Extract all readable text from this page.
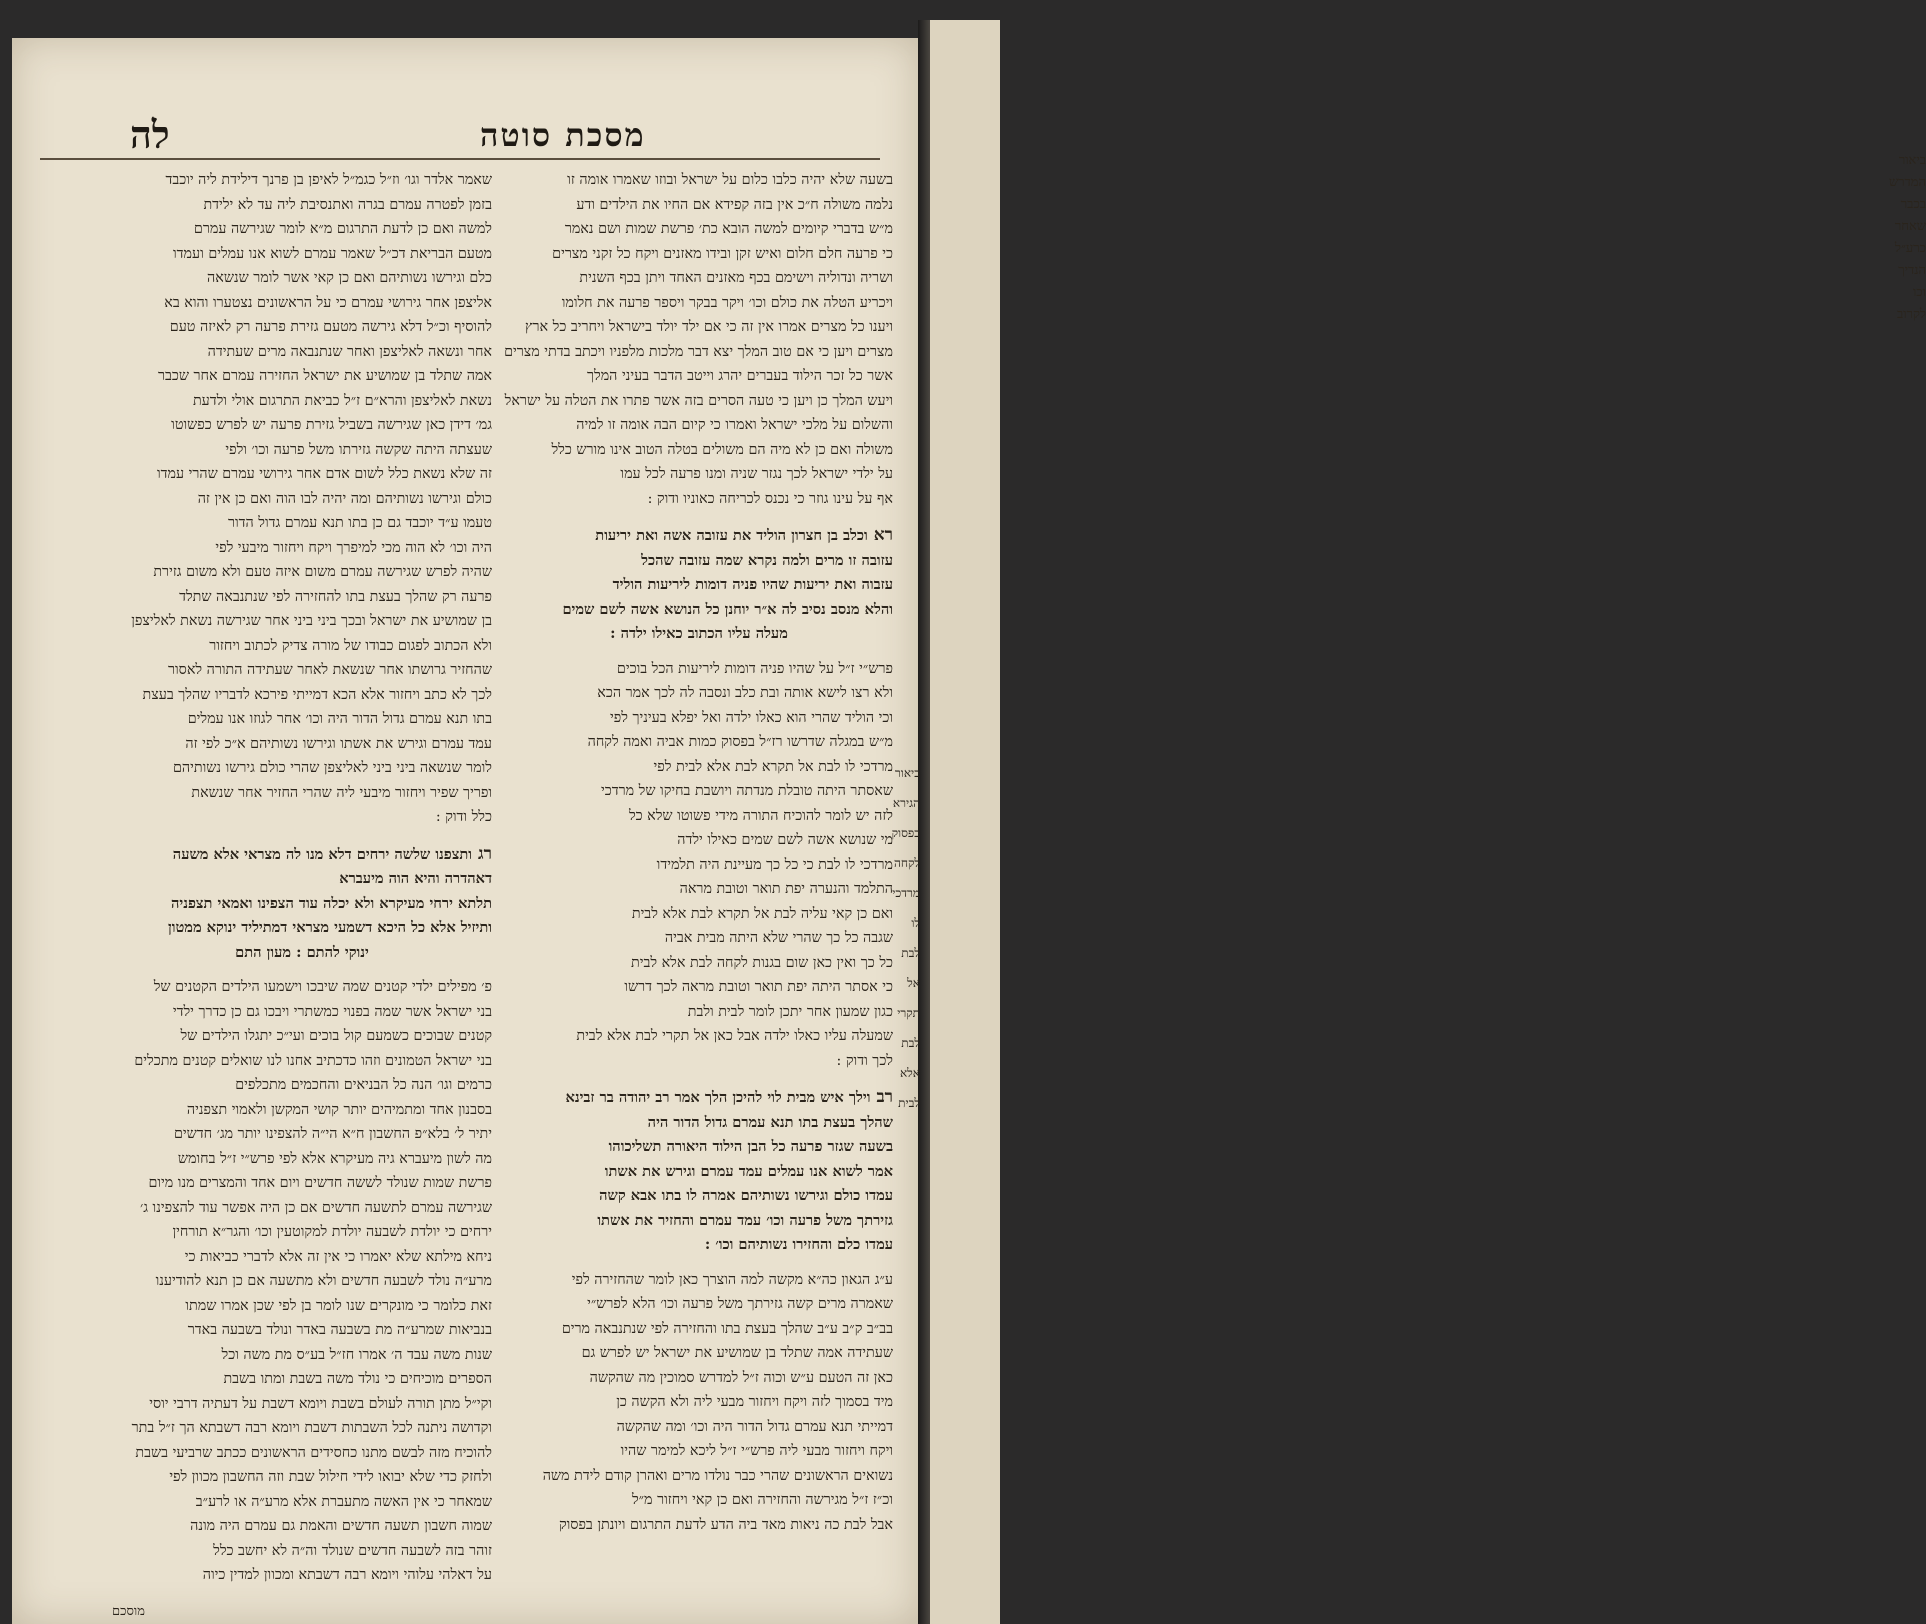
ביאור
המדרש
בכבר
שאחר
כרע״ל
הנדיך
וכו
לקרוב
לה	מסכת סוטה
בשעה שלא יהיה כלבו כלום על ישראל ובוזו שאמרו אומה זו
נלמה משולה ח״כ אין בזה קפידא אם החיו את הילדים ודע
מ״ש בדברי קיומים למשה הובא כת׳ פרשת שמות ושם נאמר
כי פרעה חלם חלום ואיש זקן ובידו מאזנים ויקח כל זקני מצרים
ושריה ונדוליה וישימם בכף מאזנים האחד ויתן בכף השנית
ויכריע הטלה את כולם וכו׳ ויקר בבקר ויספר פרעה את חלומו
ויענו כל מצרים אמרו אין זה כי אם ילד יולד בישראל ויחריב כל ארץ
מצרים ויען כי אם טוב המלך יצא דבר מלכות מלפניו ויכתב בדתי מצרים
אשר כל זכר הילוד בעברים יהרג וייטב הדבר בעיני המלך
ויעש המלך כן ויען כי טעה הסרים בזה אשר פתרו את הטלה על ישראל
והשלום על מלכי ישראל ואמרו כי קיום הבה אומה זו למיה
משולה ואם כן לא מיה הם משולים בטלה הטוב אינו מורש כלל
על ילדי ישראל לכך נגזר שניה ומנו פרעה לכל עמו
אף על עינו גוזר כי נכנס לכריחה כאוניו ודוק :
ראוכלב בן חצרון הוליד את עזובה אשה ואת יריעות
עזובה זו מרים ולמה נקרא שמה עזובה שהכל
עזבוה ואת יריעות שהיו פניה דומות ליריעות הוליד
והלא מנסב נסיב לה א״ר יוחנן כל הנושא אשה לשם שמים
מעלה עליו הכתוב כאילו ילדה :
פרש״י ז״ל על שהיו פניה דומות ליריעות הכל בוכים
ולא רצו לישא אותה ובת כלב ונסבה לה לכך אמר הכא
וכי הוליד שהרי הוא כאלו ילדה ואל יפלא בעיניך לפי
מ״ש במגלה שדרשו רז״ל בפסוק כמות אביה ואמה לקחה
מרדכי לו לבת אל תקרא לבת אלא לבית לפי
שאסתר היתה טובלת מנדתה ויושבת בחיקו של מרדכי
לזה יש לומר להוכיח התורה מידי פשוטו שלא כל
מי שנושא אשה לשם שמים כאילו ילדה
מרדכי לו לבת כי כל כך מעיינת היה תלמידו
התלמד והנערה יפת תואר וטובת מראה
ואם כן קאי עליה לבת אל תקרא לבת אלא לבית
שגבה כל כך שהרי שלא היתה מבית אביה
כל כך ואין כאן שום בגנות לקחה לבת אלא לבית
כי אסתר היתה יפת תואר וטובת מראה לכך דרשו
כגון שמעון אחר יתכן לומר לבית ולבת
שמעלה עליו כאלו ילדה אבל כאן אל תקרי לבת אלא לבית
לכך ודוק :
רבוילך איש מבית לוי להיכן הלך אמר רב יהודה בר זבינא
שהלך בעצת בתו תנא עמרם גדול הדור היה
בשעה שגזר פרעה כל הבן הילוד היאורה תשליכוהו
אמר לשוא אנו עמלים עמד עמרם וגירש את אשתו
עמדו כולם וגירשו נשותיהם אמרה לו בתו אבא קשה
גזירתך משל פרעה וכו׳ עמד עמרם והחזיר את אשתו
עמדו כלם והחזירו נשותיהם וכו׳ :
ע״ג הגאון כה״א מקשה למה הוצרך כאן לומר שהחזירה לפי
שאמרה מרים קשה גזירתך משל פרעה וכו׳ הלא לפרש״י
בב״ב ק״ב ע״ב שהלך בעצת בתו והחזירה לפי שנתנבאה מרים
שעתידה אמה שתלד בן שמושיע את ישראל יש לפרש גם
כאן זה הטעם ע״ש וכוה ז״ל למדרש סמוכין מה שהקשה
מיד בסמוך לזה ויקח ויחזור מבעי ליה ולא הקשה כן
דמייתי תנא עמרם גדול הדור היה וכו׳ ומה שהקשה
ויקח ויחזור מבעי ליה פרש״י ז״ל ליכא למימר שהיו
נשואים הראשונים שהרי כבר נולדו מרים ואהרן קודם לידת משה
וכ״ז ז״ל מגירשה והחזירה ואם כן קאי ויחזור מ״ל
אבל לבת כה ניאות מאד ביה הדע לדעת התרגום ויונתן בפסוק
שאמר אלדר וגו׳ וז״ל כגמ״ל לאיפן בן פרנך דילידת ליה יוכבד
בזמן לפטרה עמרם בגרה ואתנסיבת ליה עד לא ילידת
למשה ואם כן לדעת התרגום מ״א לומר שגירשה עמרם
מטעם הבריאת דכ״ל שאמר עמרם לשוא אנו עמלים ועמדו
כלם וגירשו נשותיהם ואם כן קאי אשר לומר שנשאה
אליצפן אחר גירושי עמרם כי על הראשונים נצטערו והוא בא
להוסיף וכ״ל דלא גירשה מטעם גזירת פרעה רק לאיזה טעם
אחר ונשאה לאליצפן ואחר שנתנבאה מרים שעתידה
אמה שתלד בן שמושיע את ישראל החזירה עמרם אחר שכבר
נשאת לאליצפן והרא״ם ז״ל כביאת התרגום אולי ולדעת
גמ׳ דידן כאן שגירשה בשביל גזירת פרעה יש לפרש כפשוטו
שעצתה היתה שקשה גזירתו משל פרעה וכו׳ ולפי
זה שלא נשאת כלל לשום אדם אחר גירושי עמרם שהרי עמדו
כולם וגירשו נשותיהם ומה יהיה לבו הוה ואם כן אין זה
טעמו ע״ד יוכבד גם כן בתו תנא עמרם גדול הדור
היה וכו׳ לא הוה מכי למיפרך ויקח ויחזור מיבעי לפי
שהיה לפרש שגירשה עמרם משום איזה טעם ולא משום גזירת
פרעה רק שהלך בעצת בתו להחזירה לפי שנתנבאה שתלד
בן שמושיע את ישראל ובכך ביני ביני אחר שגירשה נשאת לאליצפן
ולא הכתוב לפגום כבודו של מורה צדיק לכתוב ויחזור
שהחזיר גרושתו אחר שנשאת לאחר שעתידה התורה לאסור
לכך לא כתב ויחזור אלא הכא דמייתי פירכא לדבריו שהלך בעצת
בתו תנא עמרם גדול הדור היה וכו׳ אחר לגוזו אנו עמלים
עמד עמרם וגירש את אשתו וגירשו נשותיהם א״כ לפי זה
לומר שנשאה ביני ביני לאליצפן שהרי כולם גירשו נשותיהם
ופריך שפיר ויחזור מיבעי ליה שהרי החזיר אחר שנשאת
כלל ודוק :
רגותצפנו שלשה ירחים דלא מנו לה מצראי אלא משעה
דאהדרה והיא הוה מיעברא
תלתא ירחי מעיקרא ולא יכלה עוד הצפינו ואמאי תצפניה
ותיזיל אלא כל היכא דשמעי מצראי דמתיליד ינוקא ממטון
ינוקי להתם : מעון התם
פ׳ מפילים ילדי קטנים שמה שיבכו וישמעו הילדים הקטנים של
בני ישראל אשר שמה בפנוי כמשתרי ויבכו גם כן כדרך ילדי
קטנים שבוכים כשמעם קול בוכים ועי״כ יתגלו הילדים של
בני ישראל הטמונים וזהו כדכתיב אחנו לנו שואלים קטנים מתכלים
כרמים וגו׳ הנה כל הבניאים והחכמים מתכלפים
בסבנון אחד ומתמיהים יותר קושי המקשן ולאמוי תצפניה
יתיר ל׳ בלא״פ החשבון ח״א הי״ה להצפינו יותר מג׳ חדשים
מה לשון מיעברא גיה מעיקרא אלא לפי פרש״י ז״ל בחומש
פרשת שמות שנולד לששה חדשים ויום אחד והמצרים מנו מיום
שגירשה עמרם לתשעה חדשים אם כן היה אפשר עוד להצפינו ג׳
ירחים כי יולדת לשבעה יולדת למקוטעין וכו׳ והגר״א תורחין
ניחא מילתא שלא יאמרו כי אין זה אלא לדברי כביאות כי
מרע״ה נולד לשבעה חדשים ולא מתשעה אם כן תנא להודיענו
זאת כלומר כי מונקרים שנו לומר בן לפי שכן אמרו שמתו
בנביאות שמרע״ה מת בשבעה באדר ונולד בשבעה באדר
שנות משה עבד ה׳ אמרו חז״ל בע״ס מת משה וכל
הספרים מוכיחים כי נולד משה בשבת ומתו בשבת
וקי״ל מתן תורה לעולם בשבת ויומא דשבת על דעתיה דרבי יוסי
וקדושה ניתנה לכל השבתות דשבת ויומא רבה דשבתא הך ז״ל בתר
להוכיח מזה לבשם מתנו כחסידים הראשונים ככתב שרביעי בשבת
ולחזק כדי שלא יבואו לידי חילול שבת וזה החשבון מכוון לפי
שמאחר כי אין האשה מתעברת אלא מרע״ה או לרע״ב
שמוה חשבון תשעה חדשים והאמת גם עמרם היה מונה
זוהר בזה לשבעה חדשים שנולד וה״ה לא יחשב כלל
על דאלהי עלוהי ויומא רבה דשבתא ומכוון למדין כיוה
מוסכם
ביאור
הגירא
בפסוק
לקחה
מרדכי
לו לבת
אל תקרי
לבת
אלא
לבית
